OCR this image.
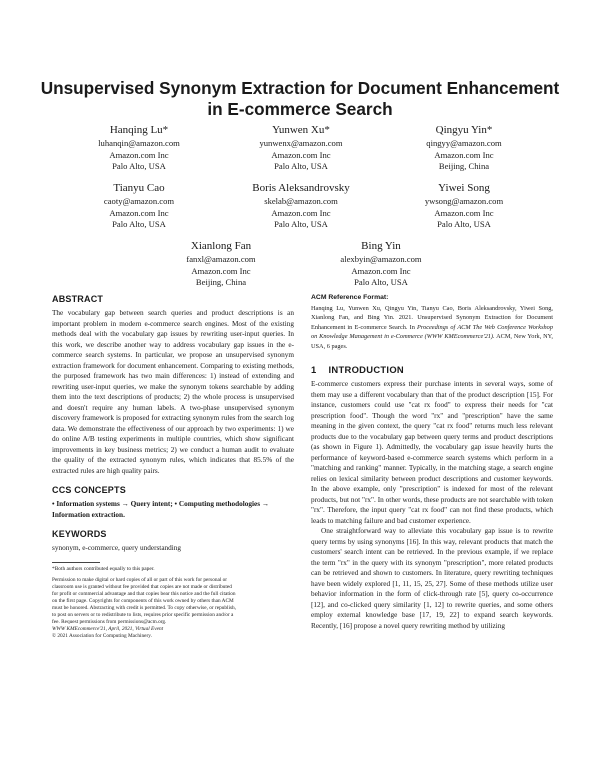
Unsupervised Synonym Extraction for Document Enhancement
in E-commerce Search
Hanqing Lu*
luhanqin@amazon.com
Amazon.com Inc
Palo Alto, USA
Yunwen Xu*
yunwenx@amazon.com
Amazon.com Inc
Palo Alto, USA
Qingyu Yin*
qingyy@amazon.com
Amazon.com Inc
Beijing, China
Tianyu Cao
caoty@amazon.com
Amazon.com Inc
Palo Alto, USA
Boris Aleksandrovsky
skelab@amazon.com
Amazon.com Inc
Palo Alto, USA
Yiwei Song
ywsong@amazon.com
Amazon.com Inc
Palo Alto, USA
Xianlong Fan
fanxl@amazon.com
Amazon.com Inc
Beijing, China
Bing Yin
alexbyin@amazon.com
Amazon.com Inc
Palo Alto, USA
ABSTRACT

The vocabulary gap between search queries and product descriptions is an important problem in modern e-commerce search engines. Most of the existing methods deal with the vocabulary gap issues by rewriting user-input queries. In this work, we describe another way to address vocabulary gap issues in the e-commerce search systems. In particular, we propose an unsupervised synonym extraction framework for document enhancement. Comparing to existing methods, the purposed framework has two main differences: 1) instead of extending and rewriting user-input queries, we make the synonym tokens searchable by adding them into the text descriptions of products; 2) the whole process is unsupervised and doesn't require any human labels. A two-phase unsupervised synonym discovery framework is proposed for extracting synonym rules from the search log data. We demonstrate the effectiveness of our approach by two experiments: 1) we do online A/B testing experiments in multiple countries, which show significant improvements in key business metrics; 2) we conduct a human audit to evaluate the quality of the extracted synonym rules, which indicates that 85.5% of the extracted rules are high quality pairs.

CCS CONCEPTS
• Information systems → Query intent; • Computing methodologies → Information extraction.
KEYWORDS

synonym, e-commerce, query understanding

*Both authors contributed equally to this paper.

Permission to make digital or hard copies of all or part of this work for personal or
classroom use is granted without fee provided that copies are not made or distributed
for profit or commercial advantage and that copies bear this notice and the full citation
on the first page. Copyrights for components of this work owned by others than ACM
must be honored. Abstracting with credit is permitted. To copy otherwise, or republish,
to post on servers or to redistribute to lists, requires prior specific permission and/or a
fee. Request permissions from permissions@acm.org.
WWW KMEcommerce'21, April, 2021, Virtual Event
© 2021 Association for Computing Machinery.
ACM Reference Format:

Hanqing Lu, Yunwen Xu, Qingyu Yin, Tianyu Cao, Boris Aleksandrovsky, Yiwei Song, Xianlong Fan, and Bing Yin. 2021. Unsupervised Synonym Extraction for Document Enhancement in E-commerce Search. In Proceedings of ACM The Web Conference Workshop on Knowledge Management in e-Commerce (WWW KMEcommerce'21). ACM, New York, NY, USA, 6 pages.

1 INTRODUCTION

E-commerce customers express their purchase intents in several ways, some of them may use a different vocabulary than that of the product description [15]. For instance, customers could use "cat rx food" to express their needs for "cat prescription food". Though the word "rx" and "prescription" have the same meaning in the given context, the query "cat rx food" returns much less relevant products due to the vocabulary gap between query terms and product descriptions (as shown in Figure 1). Admittedly, the vocabulary gap issue heavily hurts the performance of keyword-based e-commerce search systems which perform in a "matching and ranking" manner. Typically, in the matching stage, a search engine relies on lexical similarity between product descriptions and customer keywords. In the above example, only "prescription" is indexed for most of the relevant products, but not "rx". In other words, these products are not searchable with token "rx". Therefore, the input query "cat rx food" can not find these products, which leads to matching failure and bad customer experience.

One straightforward way to alleviate this vocabulary gap issue is to rewrite query terms by using synonyms [16]. In this way, relevant products that match the customers' search intent can be retrieved. In the previous example, if we replace the term "rx" in the query with its synonym "prescription", more related products can be retrieved and shown to customers. In literature, query rewriting techniques have been widely explored [1, 11, 15, 25, 27]. Some of these methods utilize user behavior information in the form of click-through rate [5], query co-occurrence [12], and co-clicked query similarity [1, 12] to rewrite queries, and some others employ external knowledge base [17, 19, 22] to expand search keywords. Recently, [16] propose a novel query rewriting method by utilizing
